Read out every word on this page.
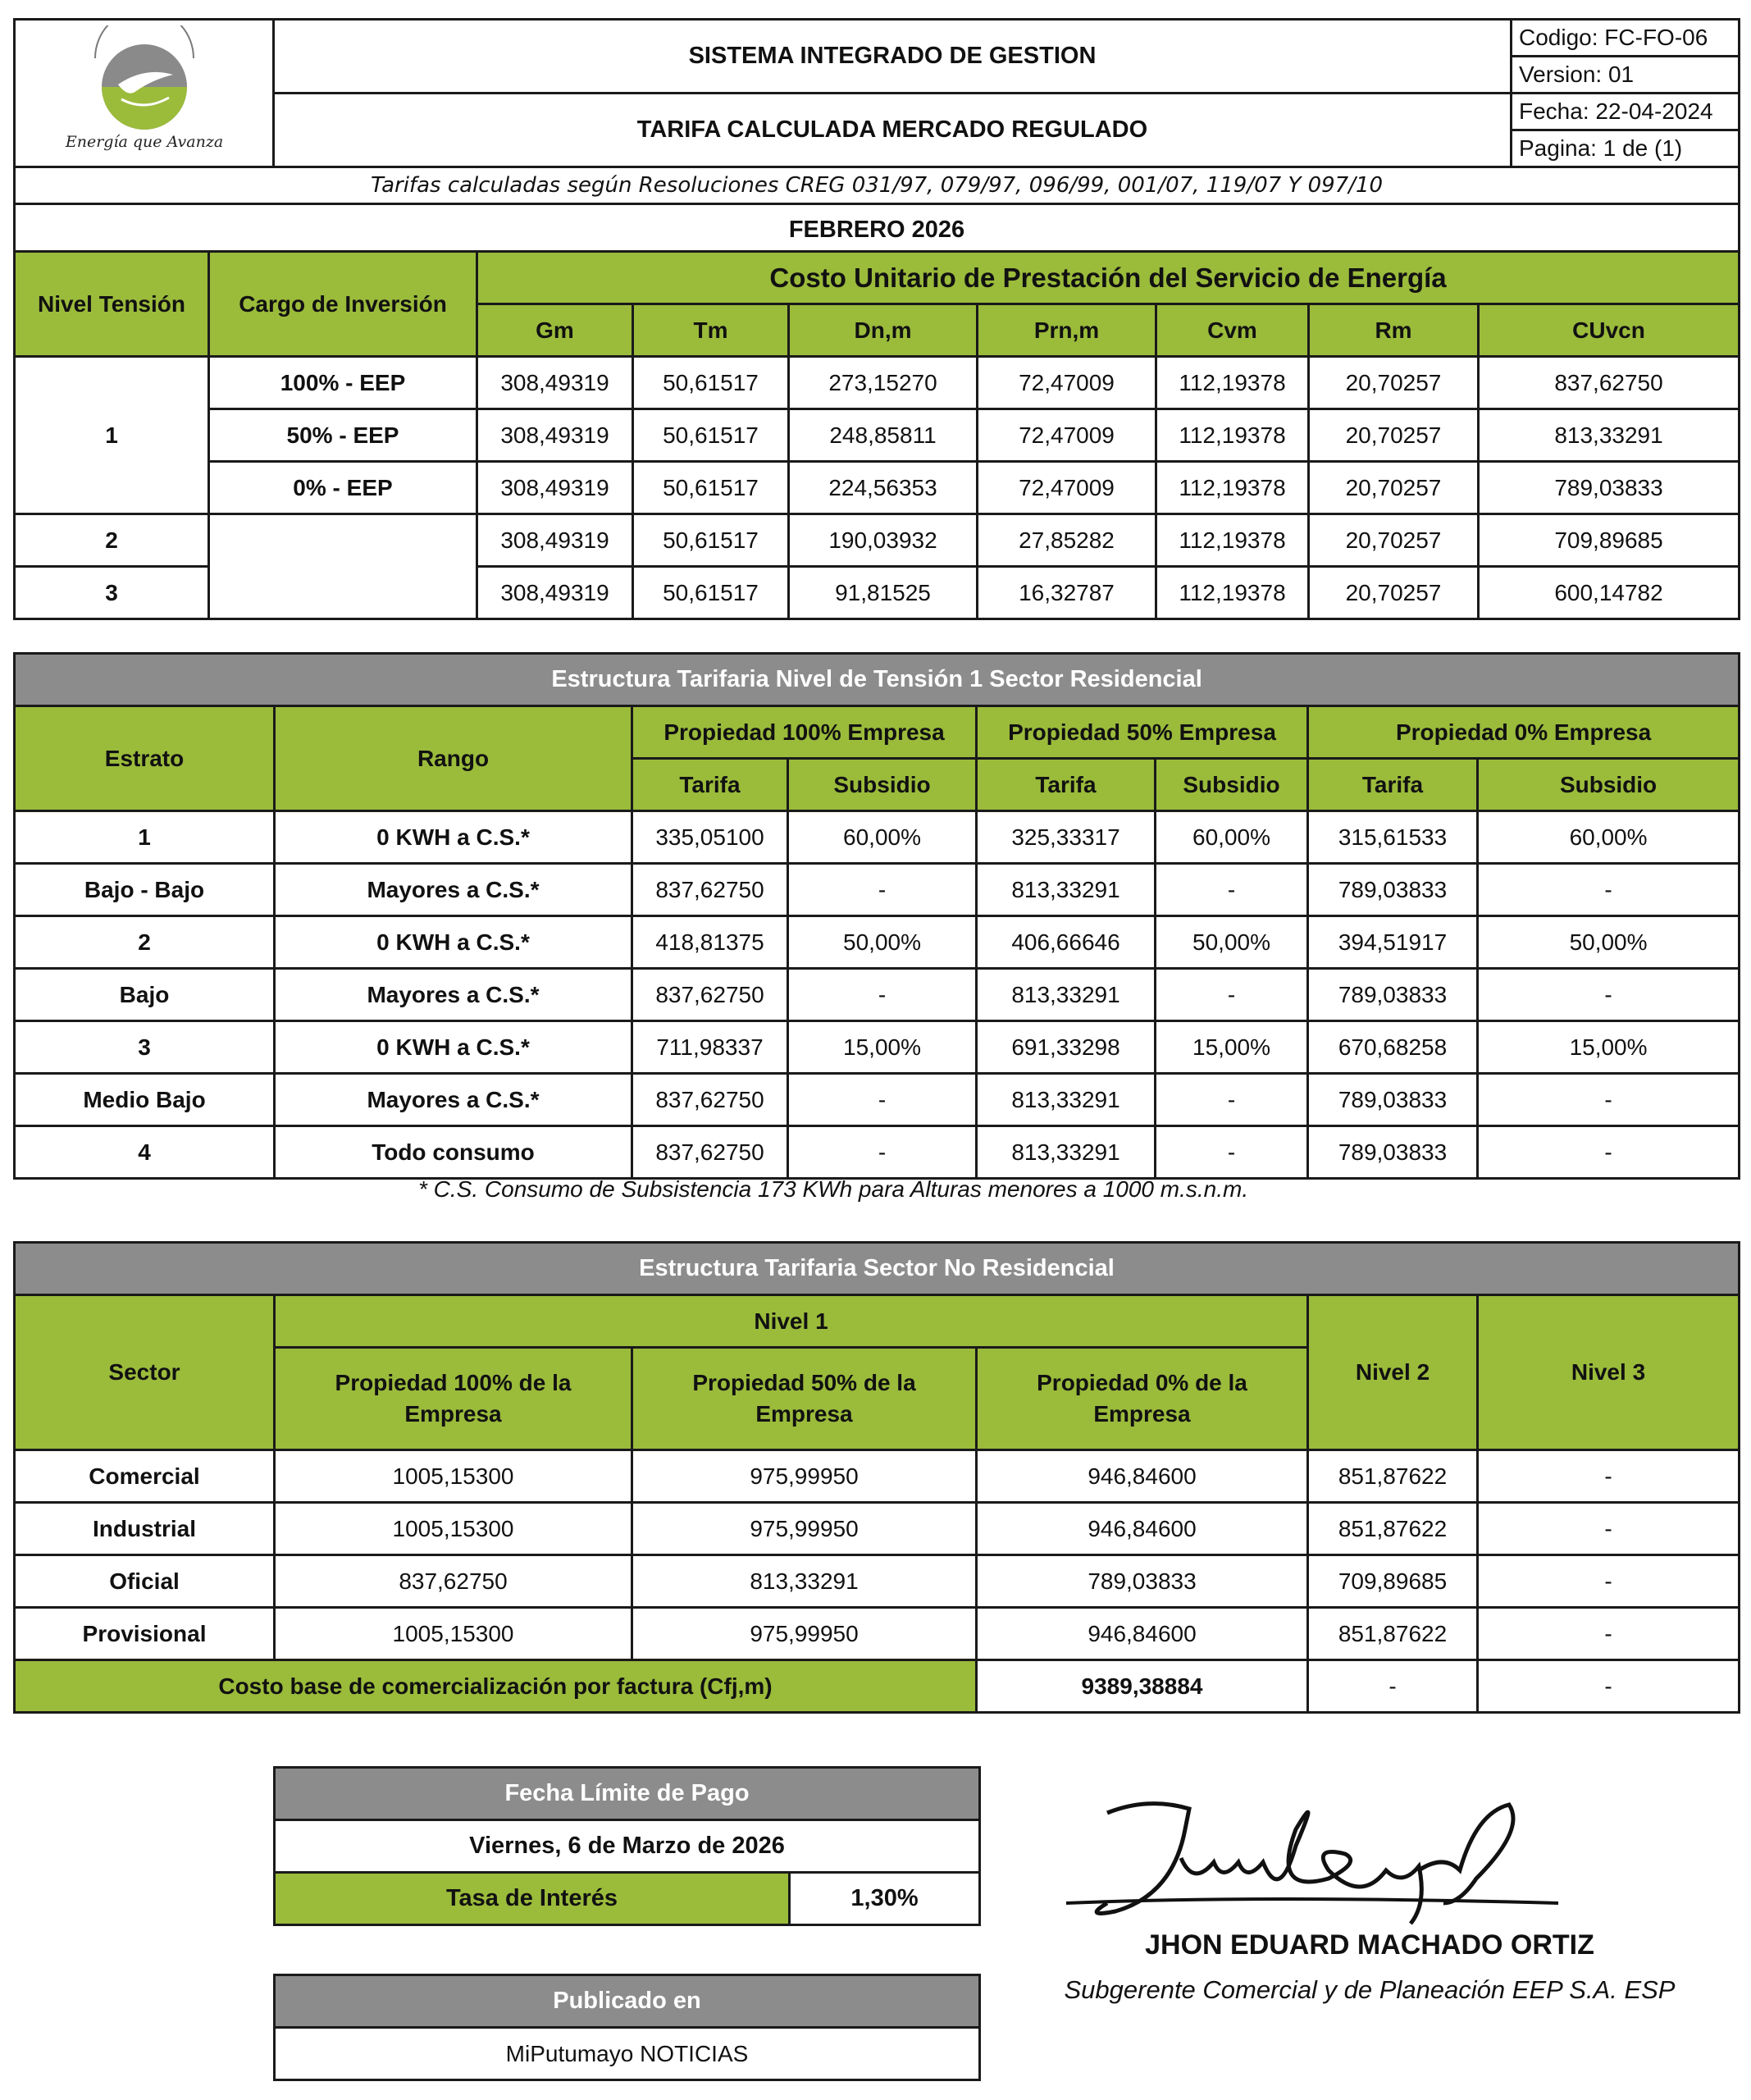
Energía que Avanza	SISTEMA INTEGRADO DE GESTION	Codigo: FC-FO-06
Version: 01

	TARIFA CALCULADA MERCADO REGULADO	Fecha: 22-04-2024
Pagina: 1 de (1)

Tarifas calculadas según Resoluciones CREG 031/97, 079/97, 096/99, 001/07, 119/07 Y 097/10		
FEBRERO 2026		
Nivel Tensión	Cargo de Inversión	Costo Unitario de Prestación del Servicio de Energía						
		Gm	Tm	Dn,m	Prn,m	Cvm	Rm	CUvcn
1	100% - EEP	308,49319	50,61517	273,15270	72,47009	112,19378	20,70257	837,62750
	50% - EEP	308,49319	50,61517	248,85811	72,47009	112,19378	20,70257	813,33291
	0% - EEP	308,49319	50,61517	224,56353	72,47009	112,19378	20,70257	789,03833
2		308,49319	50,61517	190,03932	27,85282	112,19378	20,70257	709,89685
3		308,49319	50,61517	91,81525	16,32787	112,19378	20,70257	600,14782
Estructura Tarifaria Nivel de Tensión 1 Sector Residencial							
Estrato	Rango	Propiedad 100% Empresa		Propiedad 50% Empresa		Propiedad 0% Empresa	
		Tarifa	Subsidio	Tarifa	Subsidio	Tarifa	Subsidio
1	0 KWH a C.S.*	335,05100	60,00%	325,33317	60,00%	315,61533	60,00%
Bajo - Bajo	Mayores a C.S.*	837,62750	-	813,33291	-	789,03833	-
2	0 KWH a C.S.*	418,81375	50,00%	406,66646	50,00%	394,51917	50,00%
Bajo	Mayores a C.S.*	837,62750	-	813,33291	-	789,03833	-
3	0 KWH a C.S.*	711,98337	15,00%	691,33298	15,00%	670,68258	15,00%
Medio Bajo	Mayores a C.S.*	837,62750	-	813,33291	-	789,03833	-
4	Todo consumo	837,62750	-	813,33291	-	789,03833	-
* C.S. Consumo de Subsistencia 173 KWh para Alturas menores a 1000 m.s.n.m.
Estructura Tarifaria Sector No Residencial					
Sector	Nivel 1			Nivel 2	Nivel 3
	Propiedad 100% de la Empresa	Propiedad 50% de la Empresa	Propiedad 0% de la Empresa		
Comercial	1005,15300	975,99950	946,84600	851,87622	-
Industrial	1005,15300	975,99950	946,84600	851,87622	-
Oficial	837,62750	813,33291	789,03833	709,89685	-
Provisional	1005,15300	975,99950	946,84600	851,87622	-
Costo base de comercialización por factura (Cfj,m)			9389,38884	-	-
Fecha Límite de Pago
Viernes, 6 de Marzo de 2026
Tasa de Interés	1,30%
Publicado en
MiPutumayo NOTICIAS
JHON EDUARD MACHADO ORTIZ
Subgerente Comercial y de Planeación EEP S.A. ESP
